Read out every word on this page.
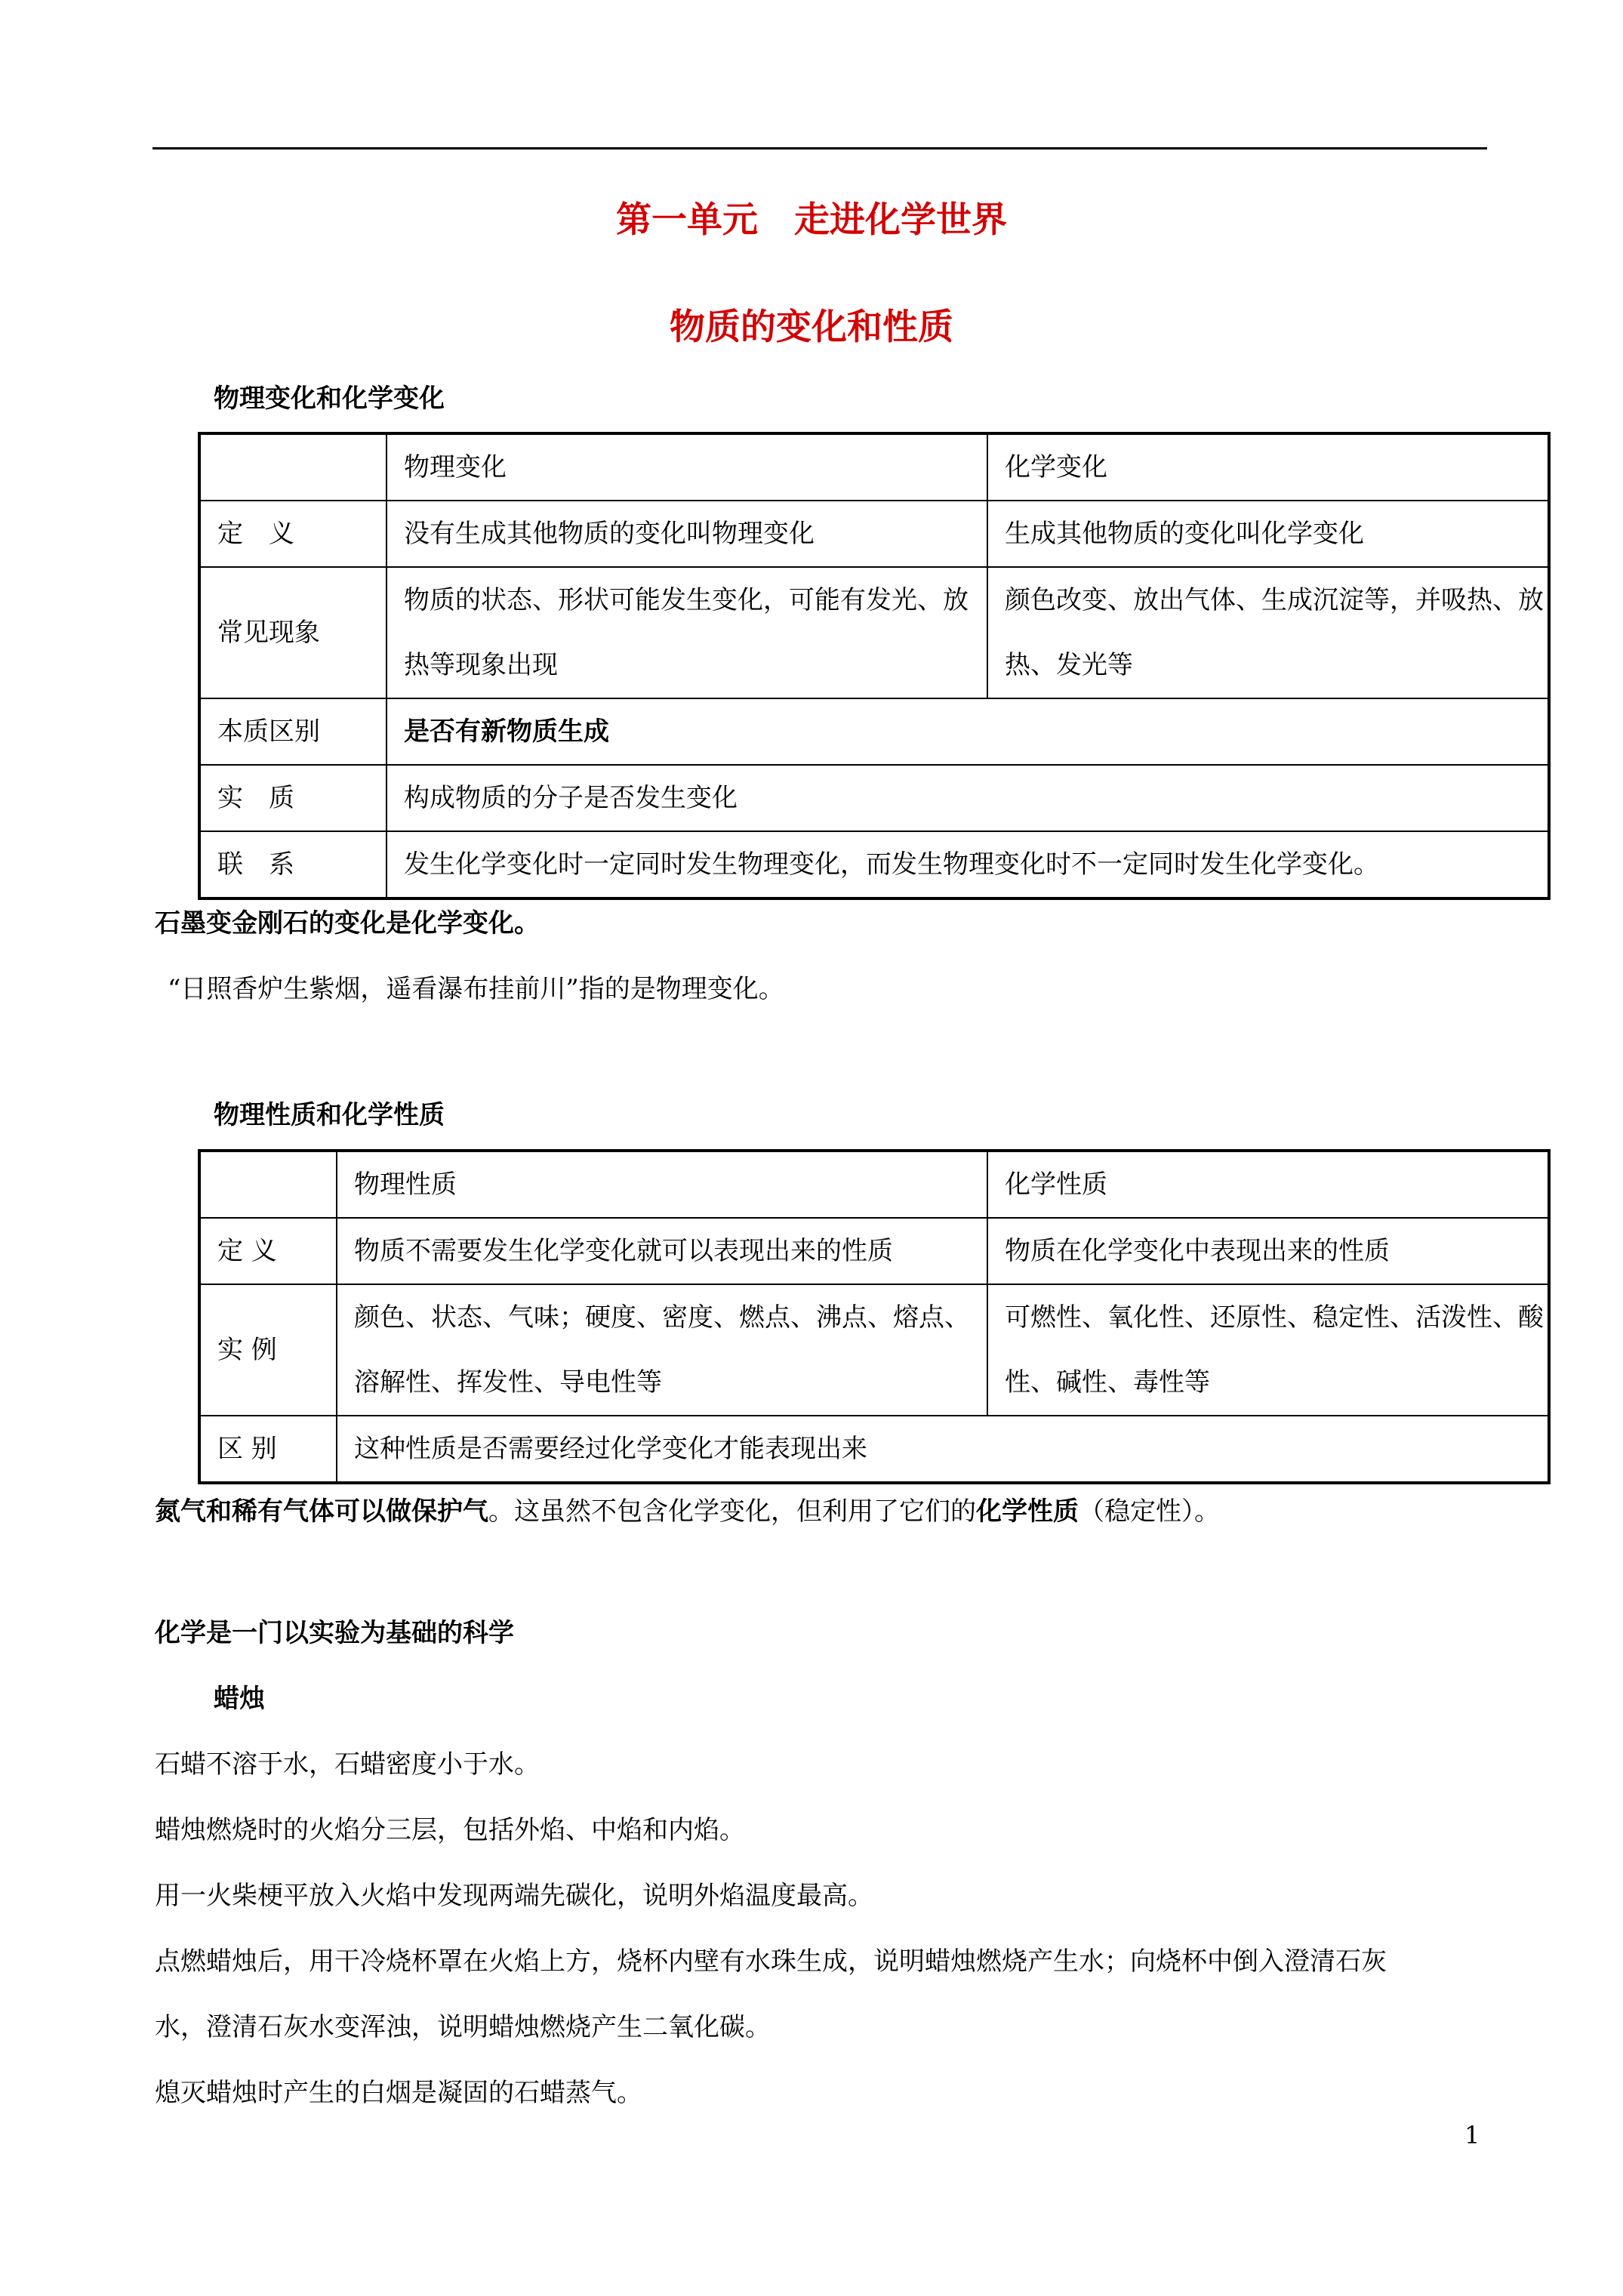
第一单元 走进化学世界
物质的变化和性质
物理变化和化学变化
	物理变化	化学变化
定　义	没有生成其他物质的变化叫物理变化	生成其他物质的变化叫化学变化
常见现象	物质的状态、形状可能发生变化，可能有发光、放热等现象出现	颜色改变、放出气体、生成沉淀等，并吸热、放热、发光等
本质区别	是否有新物质生成	
实　质	构成物质的分子是否发生变化	
联　系	发生化学变化时一定同时发生物理变化，而发生物理变化时不一定同时发生化学变化。	
石墨变金刚石的变化是化学变化。
“日照香炉生紫烟，遥看瀑布挂前川”指的是物理变化。
物理性质和化学性质
	物理性质	化学性质
定 义	物质不需要发生化学变化就可以表现出来的性质	物质在化学变化中表现出来的性质
实 例	颜色、状态、气味；硬度、密度、燃点、沸点、熔点、溶解性、挥发性、导电性等	可燃性、氧化性、还原性、稳定性、活泼性、酸性、碱性、毒性等
区 别	这种性质是否需要经过化学变化才能表现出来	
氮气和稀有气体可以做保护气。这虽然不包含化学变化，但利用了它们的化学性质（稳定性）。
化学是一门以实验为基础的科学
蜡烛
石蜡不溶于水，石蜡密度小于水。
蜡烛燃烧时的火焰分三层，包括外焰、中焰和内焰。
用一火柴梗平放入火焰中发现两端先碳化，说明外焰温度最高。
点燃蜡烛后，用干冷烧杯罩在火焰上方，烧杯内壁有水珠生成，说明蜡烛燃烧产生水；向烧杯中倒入澄清石灰
水，澄清石灰水变浑浊，说明蜡烛燃烧产生二氧化碳。
熄灭蜡烛时产生的白烟是凝固的石蜡蒸气。
1
